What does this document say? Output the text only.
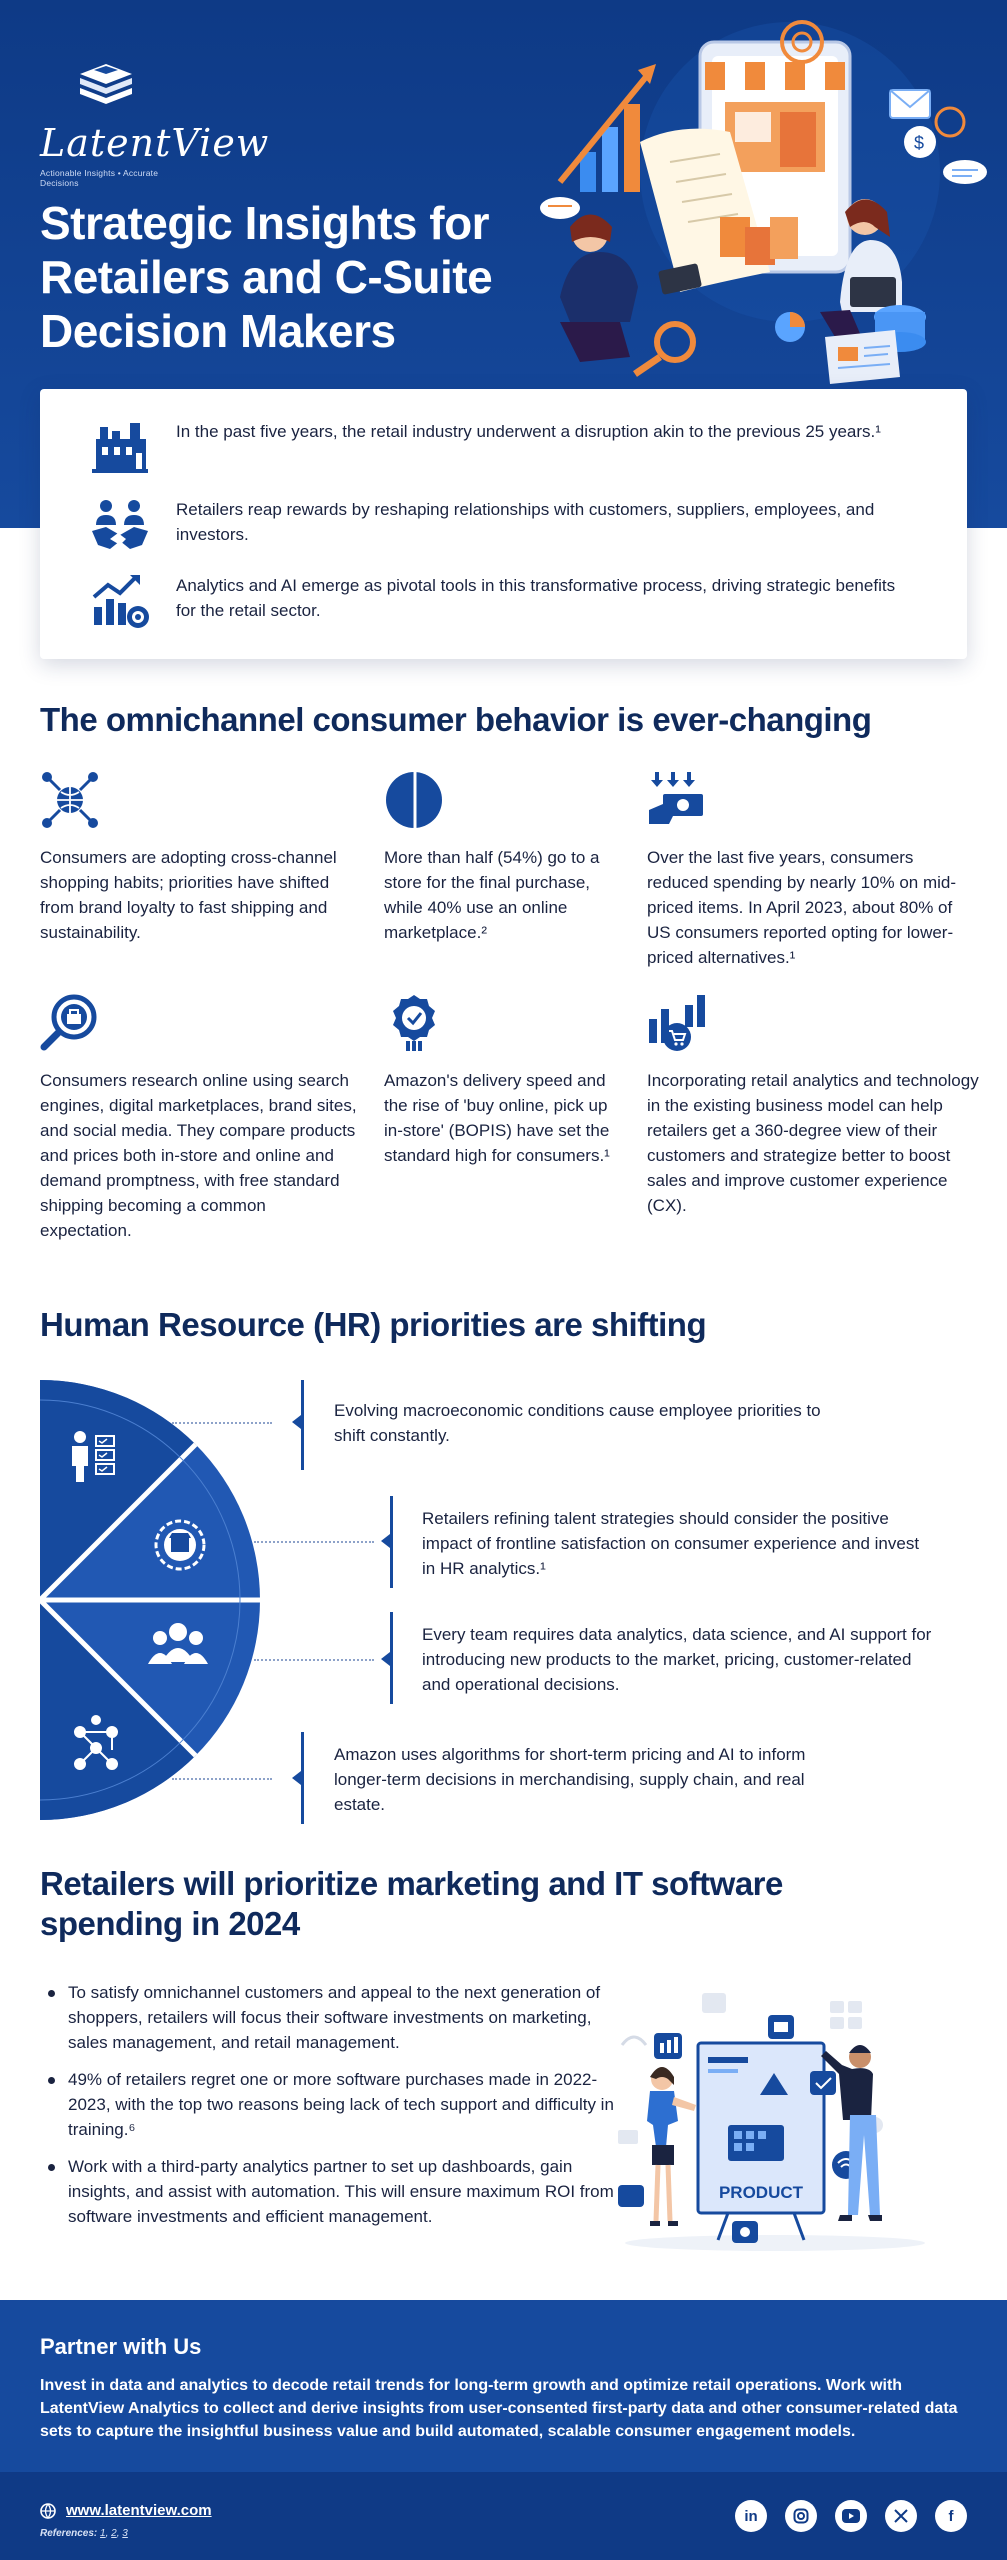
LatentView
Actionable Insights • Accurate Decisions
Strategic Insights for Retailers and C-Suite Decision Makers
$

In the past five years, the retail industry underwent a disruption akin to the previous 25 years.¹

Retailers reap rewards by reshaping relationships with customers, suppliers, employees, and investors.

Analytics and AI emerge as pivotal tools in this transformative process, driving strategic benefits for the retail sector.

The omnichannel consumer behavior is ever-changing

Consumers are adopting cross-channel shopping habits; priorities have shifted from brand loyalty to fast shipping and sustainability.

More than half (54%) go to a store for the final purchase, while 40% use an online marketplace.²

Over the last five years, consumers reduced spending by nearly 10% on mid-priced items. In April 2023, about 80% of US consumers reported opting for lower-priced alternatives.¹

Consumers research online using search engines, digital marketplaces, brand sites, and social media. They compare products and prices both in-store and online and demand promptness, with free standard shipping becoming a common expectation.

Amazon's delivery speed and the rise of 'buy online, pick up in-store' (BOPIS) have set the standard high for consumers.¹

Incorporating retail analytics and technology in the existing business model can help retailers get a 360-degree view of their customers and strategize better to boost sales and improve customer experience (CX).

Human Resource (HR) priorities are shifting
Evolving macroeconomic conditions cause employee priorities to shift constantly.
Retailers refining talent strategies should consider the positive impact of frontline satisfaction on consumer experience and invest in HR analytics.¹
Every team requires data analytics, data science, and AI support for introducing new products to the market, pricing, customer-related and operational decisions.
Amazon uses algorithms for short-term pricing and AI to inform longer-term decisions in merchandising, supply chain, and real estate.
Retailers will prioritize marketing and IT software spending in 2024
To satisfy omnichannel customers and appeal to the next generation of shoppers, retailers will focus their software investments on marketing, sales management, and retail management.
49% of retailers regret one or more software purchases made in 2022-2023, with the top two reasons being lack of tech support and difficulty in training.⁶
Work with a third-party analytics partner to set up dashboards, gain insights, and assist with automation. This will ensure maximum ROI from software investments and efficient management.
PRODUCT
Partner with Us

Invest in data and analytics to decode retail trends for long-term growth and optimize retail operations. Work with LatentView Analytics to collect and derive insights from user-consented first-party data and other consumer-related data sets to capture the insightful business value and build automated, scalable consumer engagement models.

www.latentview.com
References: 1, 2, 3
in	f
